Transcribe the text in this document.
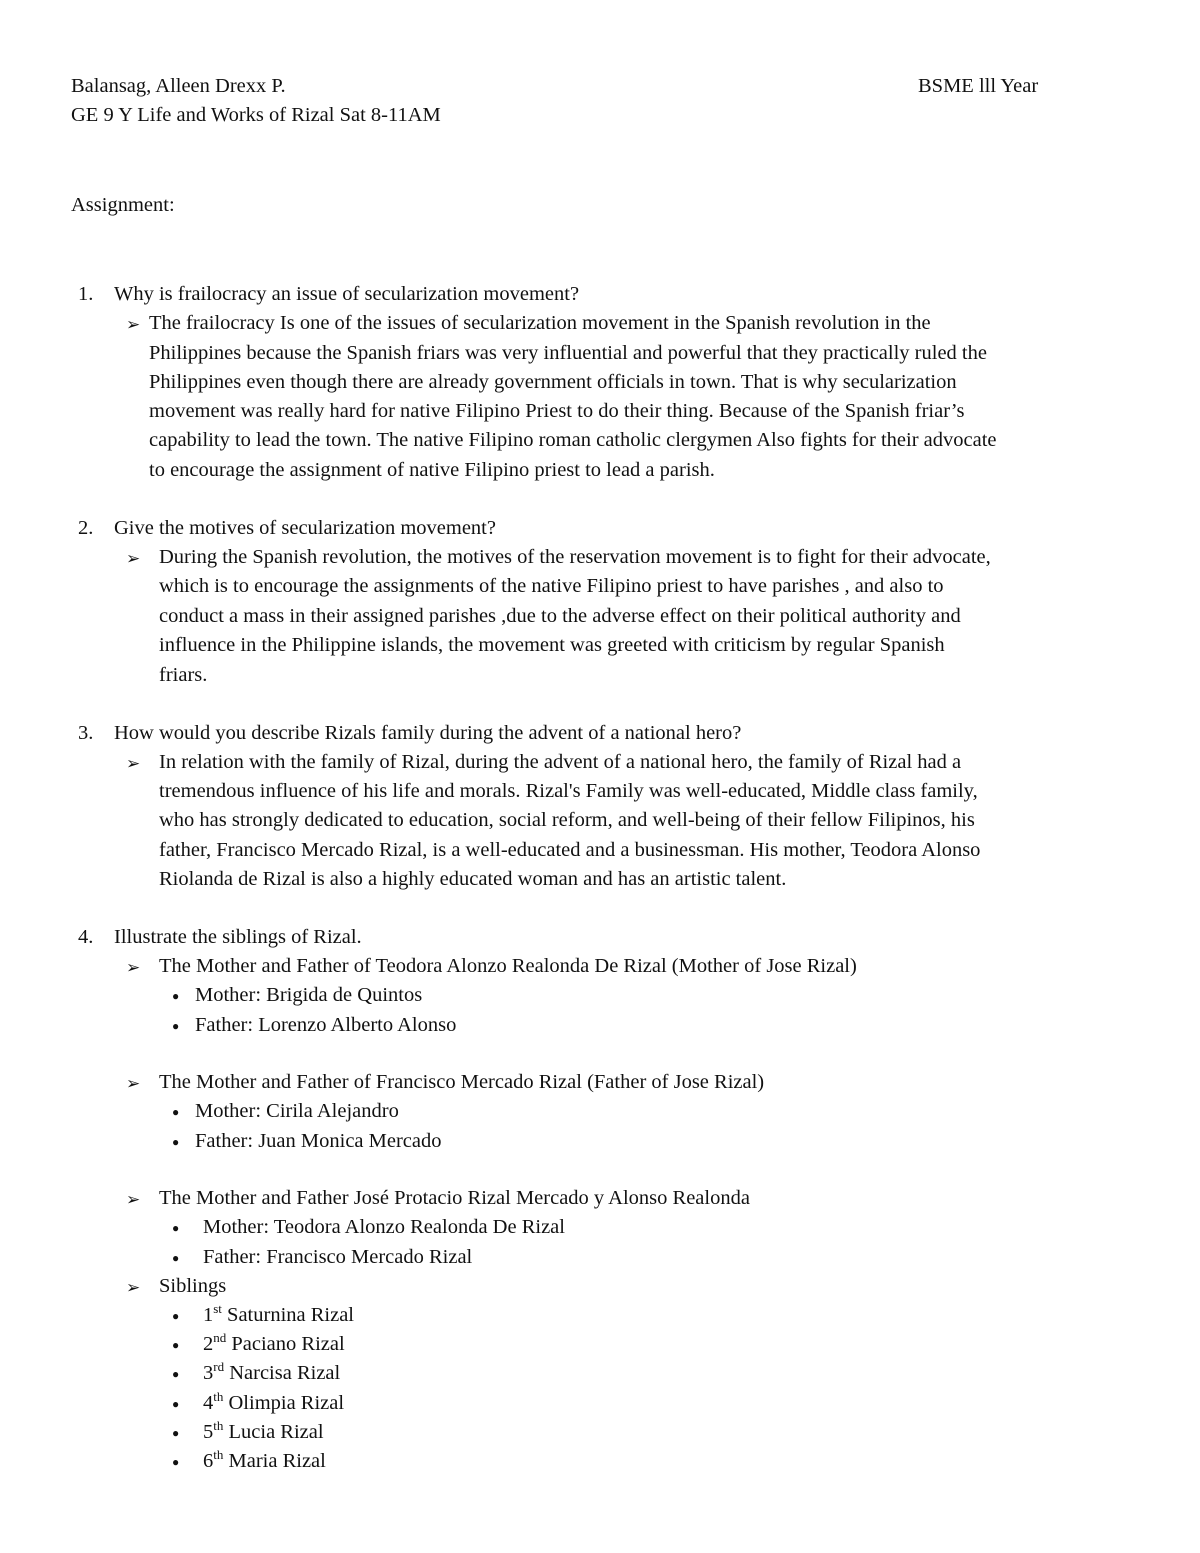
Balansag, Alleen Drexx P.	BSME lll Year
GE 9 Y Life and Works of Rizal Sat 8-11AM
Assignment:
1. Why is frailocracy an issue of secularization movement?
➢ The frailocracy Is one of the issues of secularization movement in the Spanish revolution in the
Philippines because the Spanish friars was very influential and powerful that they practically ruled the
Philippines even though there are already government officials in town. That is why secularization
movement was really hard for native Filipino Priest to do their thing. Because of the Spanish friar’s
capability to lead the town. The native Filipino roman catholic clergymen Also fights for their advocate
to encourage the assignment of native Filipino priest to lead a parish.
2. Give the motives of secularization movement?
➢ During the Spanish revolution, the motives of the reservation movement is to fight for their advocate,
which is to encourage the assignments of the native Filipino priest to have parishes , and also to
conduct a mass in their assigned parishes ,due to the adverse effect on their political authority and
influence in the Philippine islands, the movement was greeted with criticism by regular Spanish
friars.
3. How would you describe Rizals family during the advent of a national hero?
➢ In relation with the family of Rizal, during the advent of a national hero, the family of Rizal had a
tremendous influence of his life and morals. Rizal's Family was well-educated, Middle class family,
who has strongly dedicated to education, social reform, and well-being of their fellow Filipinos, his
father, Francisco Mercado Rizal, is a well-educated and a businessman. His mother, Teodora Alonso
Riolanda de Rizal is also a highly educated woman and has an artistic talent.
4. Illustrate the siblings of Rizal.
➢ The Mother and Father of Teodora Alonzo Realonda De Rizal (Mother of Jose Rizal)
● Mother: Brigida de Quintos
● Father: Lorenzo Alberto Alonso
➢ The Mother and Father of Francisco Mercado Rizal (Father of Jose Rizal)
● Mother: Cirila Alejandro
● Father: Juan Monica Mercado
➢ The Mother and Father José Protacio Rizal Mercado y Alonso Realonda
● Mother: Teodora Alonzo Realonda De Rizal
● Father: Francisco Mercado Rizal
➢ Siblings
● 1st Saturnina Rizal
● 2nd Paciano Rizal
● 3rd Narcisa Rizal
● 4th Olimpia Rizal
● 5th Lucia Rizal
● 6th Maria Rizal
